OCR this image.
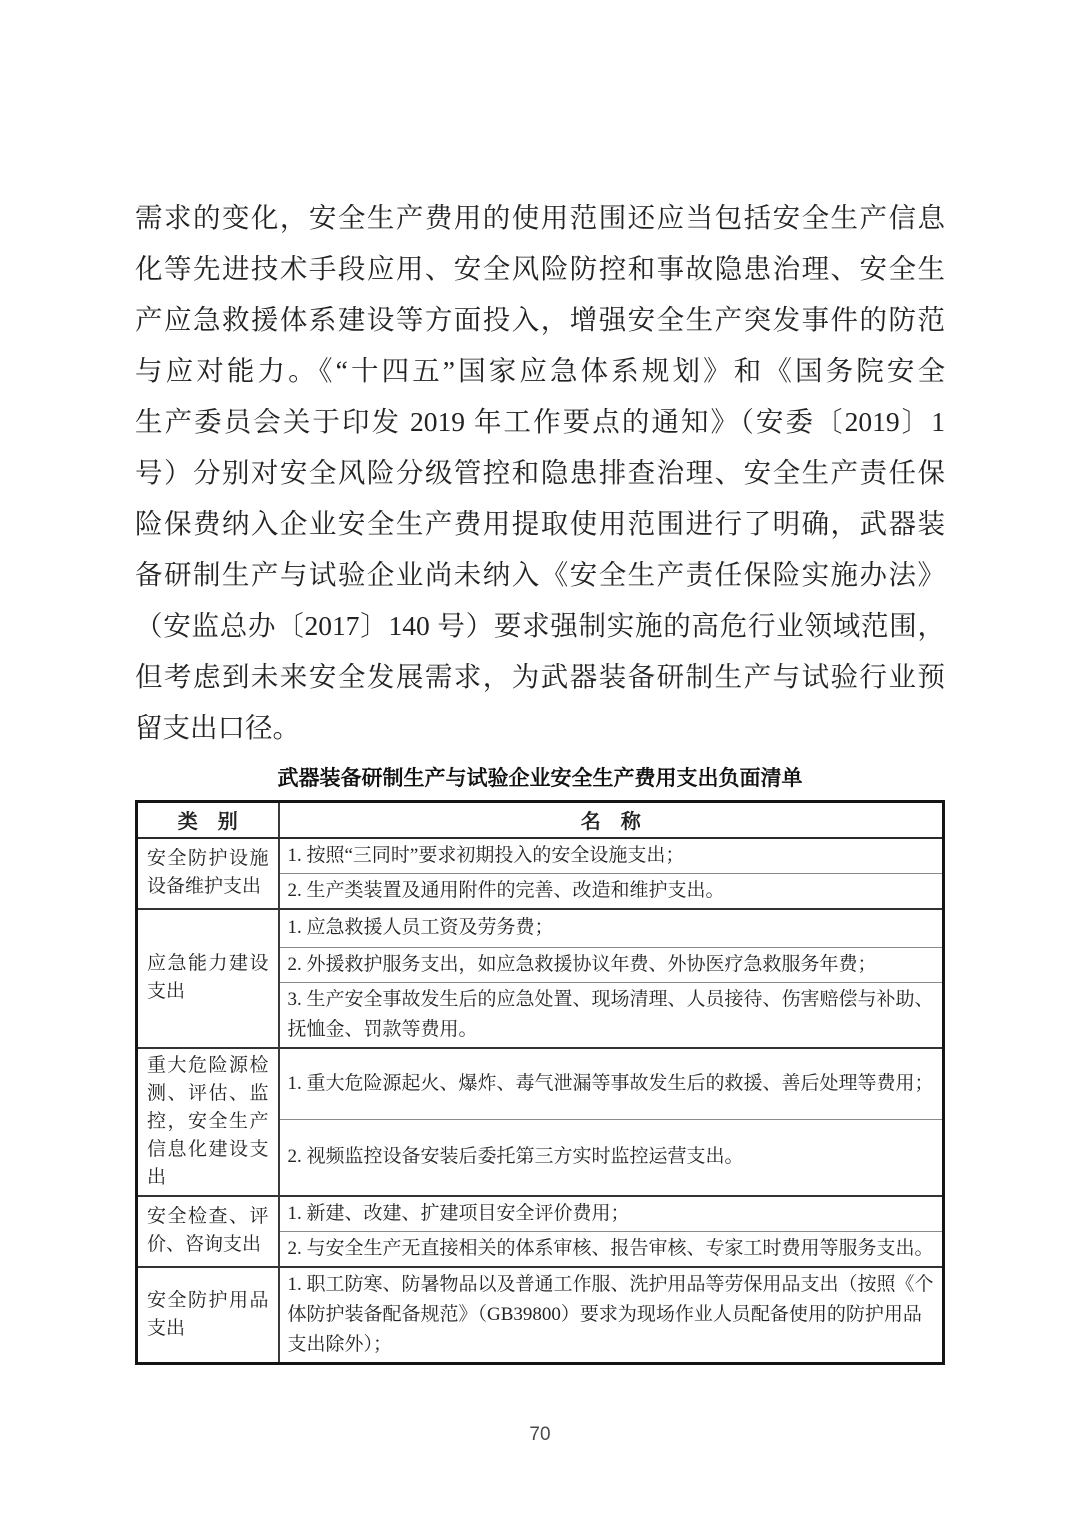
需求的变化，安全生产费用的使用范围还应当包括安全生产信息
化等先进技术手段应用、安全风险防控和事故隐患治理、安全生
产应急救援体系建设等方面投入，增强安全生产突发事件的防范
与应对能力。《“十四五”国家应急体系规划》和《国务院安全
生产委员会关于印发 2019 年工作要点的通知》（安委〔2019〕1
号）分别对安全风险分级管控和隐患排查治理、安全生产责任保
险保费纳入企业安全生产费用提取使用范围进行了明确，武器装
备研制生产与试验企业尚未纳入《安全生产责任保险实施办法》
（安监总办〔2017〕140 号）要求强制实施的高危行业领域范围，
但考虑到未来安全发展需求，为武器装备研制生产与试验行业预
留支出口径。
武器装备研制生产与试验企业安全生产费用支出负面清单
类　别	名　称
安全防护设施设备维护支出	1. 按照“三同时”要求初期投入的安全设施支出；
	2. 生产类装置及通用附件的完善、改造和维护支出。
应急能力建设支出	1. 应急救援人员工资及劳务费；
	2. 外援救护服务支出，如应急救援协议年费、外协医疗急救服务年费；
	3. 生产安全事故发生后的应急处置、现场清理、人员接待、伤害赔偿与补助、抚恤金、罚款等费用。
重大危险源检测、评估、监控，安全生产信息化建设支出	1. 重大危险源起火、爆炸、毒气泄漏等事故发生后的救援、善后处理等费用；
	2. 视频监控设备安装后委托第三方实时监控运营支出。
安全检查、评价、咨询支出	1. 新建、改建、扩建项目安全评价费用；
	2. 与安全生产无直接相关的体系审核、报告审核、专家工时费用等服务支出。
安全防护用品支出	1. 职工防寒、防暑物品以及普通工作服、洗护用品等劳保用品支出（按照《个体防护装备配备规范》（GB39800）要求为现场作业人员配备使用的防护用品支出除外）；
70
